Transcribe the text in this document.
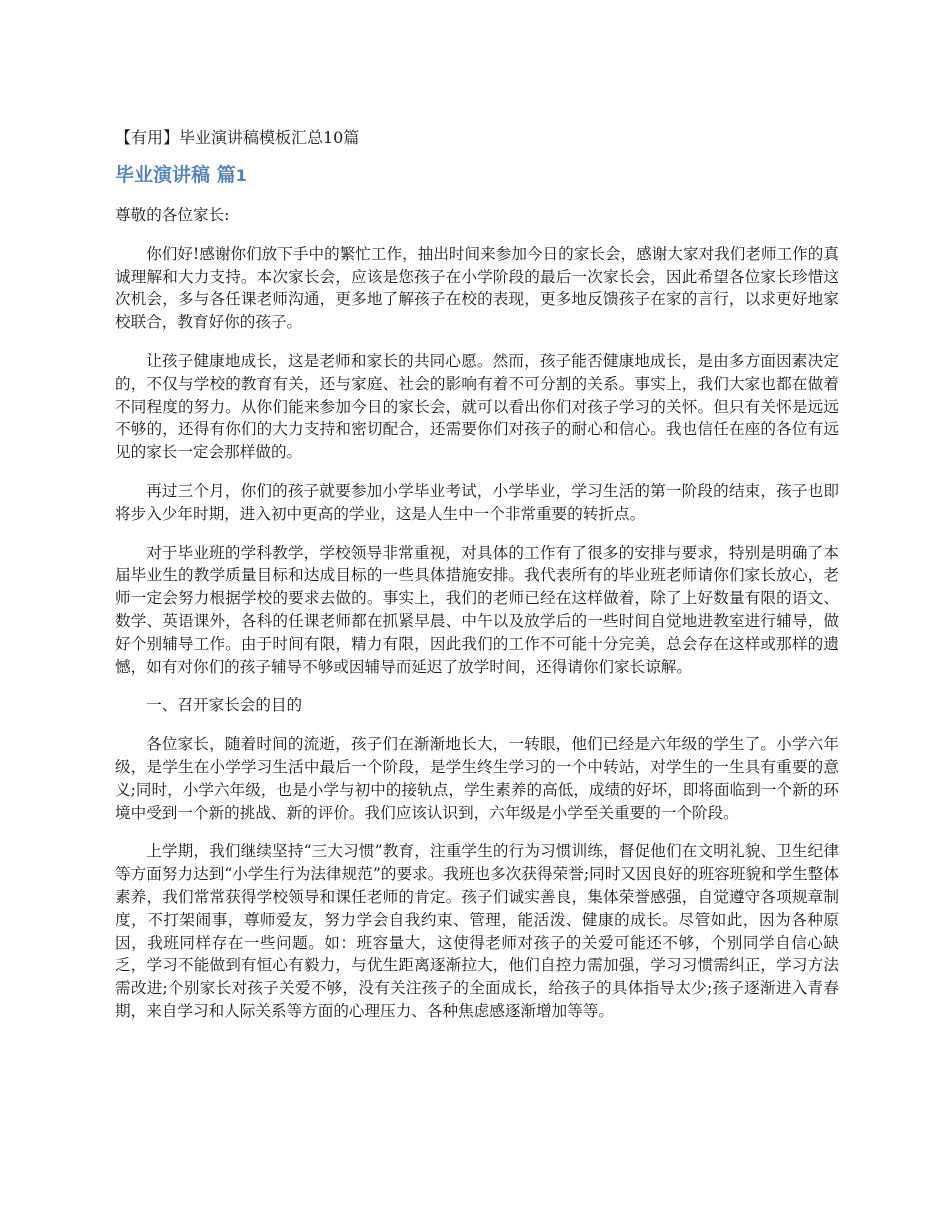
【有用】毕业演讲稿模板汇总10篇
毕业演讲稿 篇1

尊敬的各位家长:

你们好!感谢你们放下手中的繁忙工作，抽出时间来参加今日的家长会，感谢大家对我们老师工作的真诚理解和大力支持。本次家长会，应该是您孩子在小学阶段的最后一次家长会，因此希望各位家长珍惜这次机会，多与各任课老师沟通，更多地了解孩子在校的表现，更多地反馈孩子在家的言行，以求更好地家校联合，教育好你的孩子。

让孩子健康地成长，这是老师和家长的共同心愿。然而，孩子能否健康地成长，是由多方面因素决定的，不仅与学校的教育有关，还与家庭、社会的影响有着不可分割的关系。事实上，我们大家也都在做着不同程度的努力。从你们能来参加今日的家长会，就可以看出你们对孩子学习的关怀。但只有关怀是远远不够的，还得有你们的大力支持和密切配合，还需要你们对孩子的耐心和信心。我也信任在座的各位有远见的家长一定会那样做的。

再过三个月，你们的孩子就要参加小学毕业考试，小学毕业，学习生活的第一阶段的结束，孩子也即将步入少年时期，进入初中更高的学业，这是人生中一个非常重要的转折点。

对于毕业班的学科教学，学校领导非常重视，对具体的工作有了很多的安排与要求，特别是明确了本届毕业生的教学质量目标和达成目标的一些具体措施安排。我代表所有的毕业班老师请你们家长放心，老师一定会努力根据学校的要求去做的。事实上，我们的老师已经在这样做着，除了上好数量有限的语文、数学、英语课外，各科的任课老师都在抓紧早晨、中午以及放学后的一些时间自觉地进教室进行辅导，做好个别辅导工作。由于时间有限，精力有限，因此我们的工作不可能十分完美，总会存在这样或那样的遗憾，如有对你们的孩子辅导不够或因辅导而延迟了放学时间，还得请你们家长谅解。

一、召开家长会的目的

各位家长，随着时间的流逝，孩子们在渐渐地长大，一转眼，他们已经是六年级的学生了。小学六年级，是学生在小学学习生活中最后一个阶段，是学生终生学习的一个中转站，对学生的一生具有重要的意义;同时，小学六年级，也是小学与初中的接轨点，学生素养的高低，成绩的好坏，即将面临到一个新的环境中受到一个新的挑战、新的评价。我们应该认识到，六年级是小学至关重要的一个阶段。

上学期，我们继续坚持“三大习惯”教育，注重学生的行为习惯训练，督促他们在文明礼貌、卫生纪律等方面努力达到“小学生行为法律规范”的要求。我班也多次获得荣誉;同时又因良好的班容班貌和学生整体素养，我们常常获得学校领导和课任老师的肯定。孩子们诚实善良，集体荣誉感强，自觉遵守各项规章制度，不打架闹事，尊师爱友，努力学会自我约束、管理，能活泼、健康的成长。尽管如此，因为各种原因，我班同样存在一些问题。如：班容量大，这使得老师对孩子的关爱可能还不够，个别同学自信心缺乏，学习不能做到有恒心有毅力，与优生距离逐渐拉大，他们自控力需加强，学习习惯需纠正，学习方法需改进;个别家长对孩子关爱不够，没有关注孩子的全面成长，给孩子的具体指导太少;孩子逐渐进入青春期，来自学习和人际关系等方面的心理压力、各种焦虑感逐渐增加等等。
